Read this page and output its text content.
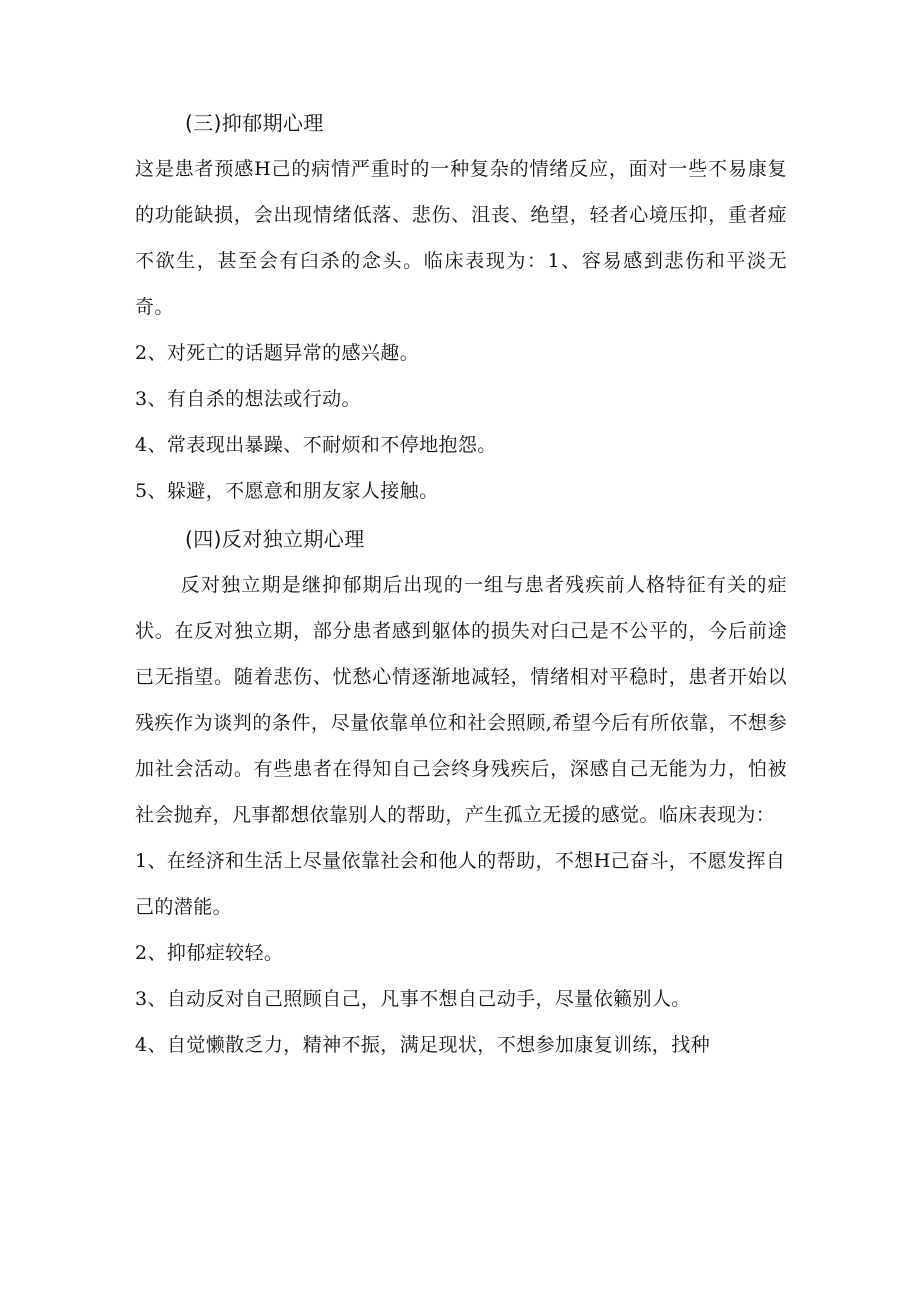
(三)抑郁期心理

这是患者预感H己的病情严重时的一种复杂的情绪反应，面对一些不易康复的功能缺损，会出现情绪低落、悲伤、沮丧、绝望，轻者心境压抑，重者痖不欲生，甚至会有臼杀的念头。临床表现为：1、容易感到悲伤和平淡无奇。

2、对死亡的话题异常的感兴趣。

3、有自杀的想法或行动。

4、常表现出暴躁、不耐烦和不停地抱怨。

5、躲避，不愿意和朋友家人接触。

(四)反对独立期心理

反对独立期是继抑郁期后出现的一组与患者残疾前人格特征有关的症状。在反对独立期，部分患者感到躯体的损失对臼己是不公平的，今后前途已无指望。随着悲伤、忧愁心情逐渐地减轻，情绪相对平稳时，患者开始以残疾作为谈判的条件，尽量依靠单位和社会照顾,希望今后有所依靠，不想参加社会活动。有些患者在得知自己会终身残疾后，深感自己无能为力，怕被社会抛弃，凡事都想依靠别人的帮助，产生孤立无援的感觉。临床表现为：

1、在经济和生活上尽量依靠社会和他人的帮助，不想H己奋斗，不愿发挥自己的潜能。

2、抑郁症较轻。

3、自动反对自己照顾自己，凡事不想自己动手，尽量依籁别人。

4、自觉懒散乏力，精神不振，满足现状，不想参加康复训练，找种
